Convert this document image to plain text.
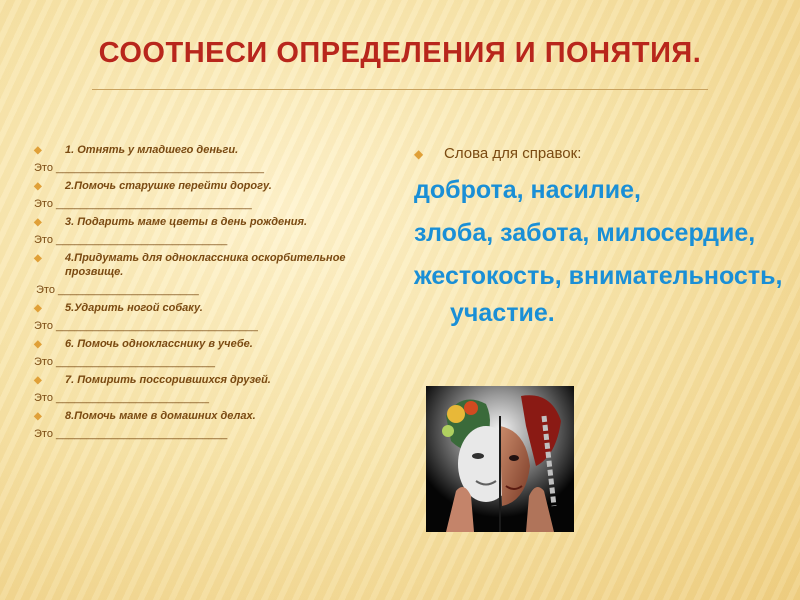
СООТНЕСИ ОПРЕДЕЛЕНИЯ И ПОНЯТИЯ.
◆ 1. Отнять у младшего деньги.
Это __________________________________
◆ 2.Помочь старушке перейти дорогу.
Это ________________________________
◆ 3. Подарить маме цветы в день рождения.
Это ____________________________
◆ 4.Придумать для одноклассника оскорбительное прозвище.
Это _______________________
◆ 5.Ударить ногой собаку.
Это _________________________________
◆ 6. Помочь однокласснику в учебе.
Это __________________________
◆ 7. Помирить поссорившихся друзей.
Это _________________________
◆ 8.Помочь маме в домашних делах.
Это ____________________________
◆ Слова для справок:

доброта, насилие,

злоба, забота, милосердие,

жестокость, внимательность, участие.
